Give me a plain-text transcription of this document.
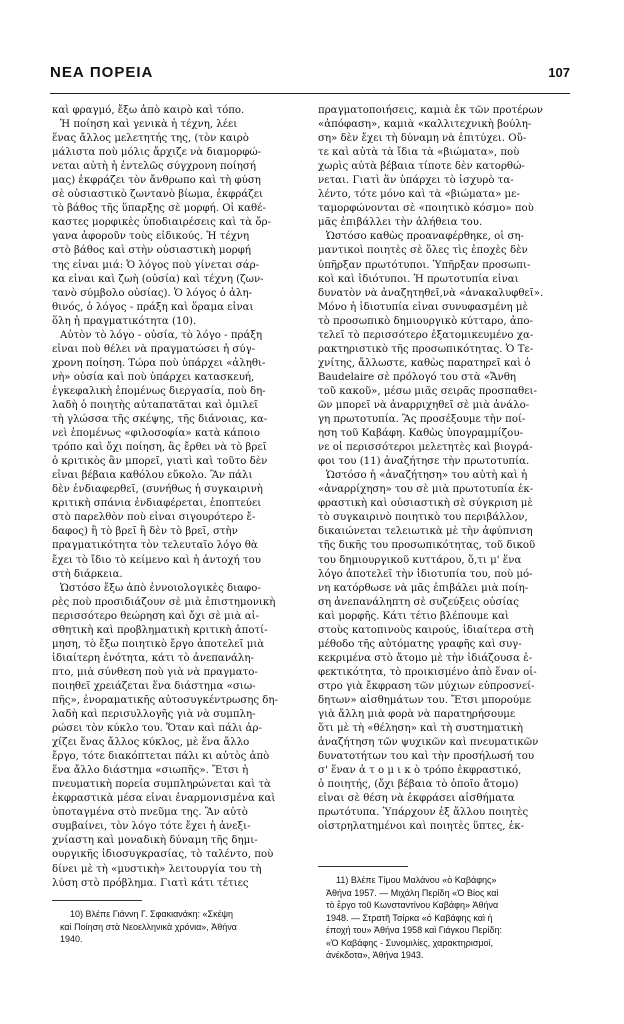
ΝΕΑ ΠΟΡΕΙΑ	107
καὶ φραγμό, ἔξω ἀπὸ καιρὸ καὶ τόπο.
Ἡ ποίηση καὶ γενικὰ ἡ τέχνη, λέει
ἕνας ἄλλος μελετητής της, (τὸν καιρὸ
μάλιστα ποὺ μόλις ἄρχιζε νὰ διαμορφώ-
νεται αὐτὴ ἡ ἐντελῶς σύγχρονη ποίησή
μας) ἐκφράζει τὸν ἄνθρωπο καὶ τὴ φύση
σὲ οὐσιαστικὸ ζωντανὸ βίωμα, ἐκφράζει
τὸ βάθος τῆς ὕπαρξης σὲ μορφή. Οἱ καθέ-
καστες μορφικὲς ὑποδιαιρέσεις καὶ τὰ ὄρ-
γανα ἀφοροῦν τοὺς εἰδικούς. Ἡ τέχνη
στὸ βάθος καὶ στὴν οὐσιαστικὴ μορφή
της εἶναι μιά: Ὁ λόγος ποὺ γίνεται σάρ-
κα εἶναι καὶ ζωὴ (οὐσία) καὶ τέχνη (ζων-
τανὸ σύμβολο οὐσίας). Ὁ λόγος ὁ ἀλη-
θινός, ὁ λόγος - πράξη καὶ ὅραμα εἶναι
ὅλη ἡ πραγματικότητα (10).
Αὐτὸν τὸ λόγο - οὐσία, τὸ λόγο - πράξη
εἶναι ποὺ θέλει νὰ πραγματώσει ἡ σύγ-
χρονη ποίηση. Τώρα ποὺ ὑπάρχει «ἀληθι-
νὴ» οὐσία καὶ ποὺ ὑπάρχει κατασκευή,
ἐγκεφαλικὴ ἑπομένως διεργασία, ποὺ δη-
λαδὴ ὁ ποιητὴς αὐταπατᾶται καὶ ὁμιλεῖ
τὴ γλώσσα τῆς σκέψης, τῆς διάνοιας, κα-
νεὶ ἑπομένως «φιλοσοφία» κατὰ κάποιο
τρόπο καὶ ὄχι ποίηση, ἂς ἔρθει νὰ τὸ βρεῖ
ὁ κριτικὸς ἂν μπορεῖ, γιατὶ καὶ τοῦτο δὲν
εἶναι βέβαια καθόλου εὔκολο. Ἂν πάλι
δὲν ἐνδιαφερθεῖ, (συνήθως ἡ συγκαιρινὴ
κριτικὴ σπάνια ἐνδιαφέρεται, ἐποπτεύει
στὸ παρελθὸν ποὺ εἶναι σιγουρότερο ἔ-
δαφος) ἢ τὸ βρεῖ ἢ δὲν τὸ βρεῖ, στὴν
πραγματικότητα τὸν τελευταῖο λόγο θὰ
ἔχει τὸ ἴδιο τὸ κείμενο καὶ ἡ ἀντοχή του
στὴ διάρκεια.
Ὡστόσο ἔξω ἀπὸ ἐννοιολογικὲς διαφο-
ρὲς ποὺ προσιδιάζουν σὲ μιὰ ἐπιστημονικὴ
περισσότερο θεώρηση καὶ ὄχι σὲ μιὰ αἰ-
σθητικὴ καὶ προβληματικὴ κριτικὴ ἀποτί-
μηση, τὸ ἔξω ποιητικὸ ἔργο ἀποτελεῖ μιὰ
ἰδιαίτερη ἑνότητα, κάτι τὸ ἀνεπανάλη-
πτο, μιὰ σύνθεση ποὺ γιὰ νὰ πραγματο-
ποιηθεῖ χρειάζεται ἕνα διάστημα «σιω-
πῆς», ἐνοραματικῆς αὐτοσυγκέντρωσης δη-
λαδὴ καὶ περισυλλογῆς γιὰ νὰ συμπλη-
ρώσει τὸν κύκλο του. Ὅταν καὶ πάλι ἀρ-
χίζει ἕνας ἄλλος κύκλος, μὲ ἕνα ἄλλο
ἔργο, τότε διακόπτεται πάλι κι αὐτὸς ἀπὸ
ἕνα ἄλλο διάστημα «σιωπῆς». Ἔτσι ἡ
πνευματικὴ πορεία συμπληρώνεται καὶ τὰ
ἐκφραστικὰ μέσα εἶναι ἐναρμονισμένα καὶ
ὑποταγμένα στὸ πνεῦμα της. Ἂν αὐτὸ
συμβαίνει, τὸν λόγο τότε ἔχει ἡ ἀνεξι-
χνίαστη καὶ μοναδικὴ δύναμη τῆς δημι-
ουργικῆς ἰδιοσυγκρασίας, τὸ ταλέντο, ποὺ
δίνει μὲ τὴ «μυστικὴ» λειτουργία του τὴ
λύση στὸ πρόβλημα. Γιατὶ κάτι τέτιες
πραγματοποιήσεις, καμιὰ ἐκ τῶν προτέρων
«ἀπόφαση», καμιὰ «καλλιτεχνικὴ βούλη-
ση» δὲν ἔχει τὴ δύναμη νὰ ἐπιτύχει. Οὔ-
τε καὶ αὐτὰ τὰ ἴδια τὰ «βιώματα», ποὺ
χωρὶς αὐτὰ βέβαια τίποτε δὲν κατορθώ-
νεται. Γιατὶ ἂν ὑπάρχει τὸ ἰσχυρὸ τα-
λέντο, τότε μόνο καὶ τὰ «βιώματα» με-
ταμορφώνονται σὲ «ποιητικὸ κόσμο» ποὺ
μᾶς ἐπιβάλλει τὴν ἀλήθεια του.
Ὡστόσο καθὼς προαναφέρθηκε, οἱ ση-
μαντικοὶ ποιητὲς σὲ ὅλες τὶς ἐποχὲς δὲν
ὑπῆρξαν πρωτότυποι. Ὑπῆρξαν προσωπι-
κοὶ καὶ ἰδιότυποι. Ἡ πρωτοτυπία εἶναι
δυνατὸν νὰ ἀναζητηθεῖ,νὰ «ἀνακαλυφθεῖ».
Μόνο ἡ ἰδιοτυπία εἶναι συνυφασμένη μὲ
τὸ προσωπικὸ δημιουργικὸ κύτταρο, ἀπο-
τελεῖ τὸ περισσότερο ἐξατομικευμένο χα-
ρακτηριστικὸ τῆς προσωπικότητας. Ὁ Τε-
χνίτης, ἄλλωστε, καθὼς παρατηρεῖ καὶ ὁ
Baudelaire σὲ πρόλογό του στὰ «Ἄνθη
τοῦ κακοῦ», μέσω μιᾶς σειρᾶς προσπαθει-
ῶν μπορεῖ νὰ ἀναρριχηθεῖ σὲ μιὰ ἀνάλο-
γη πρωτοτυπία. Ἂς προσέξουμε τὴν ποί-
ηση τοῦ Καβάφη. Καθὼς ὑπογραμμίζου-
νε οἱ περισσότεροι μελετητὲς καὶ βιογρά-
φοι του (11) ἀναζήτησε τὴν πρωτοτυπία.
Ὡστόσο ἡ «ἀναζήτηση» του αὐτὴ καὶ ἡ
«ἀναρρίχηση» του σὲ μιὰ πρωτοτυπία ἐκ-
φραστικὴ καὶ οὐσιαστικὴ σὲ σύγκριση μὲ
τὸ συγκαιρινὸ ποιητικὸ του περιβάλλον,
δικαιώνεται τελειωτικὰ μὲ τὴν ἀφύπνιση
τῆς δικῆς του προσωπικότητας, τοῦ δικοῦ
του δημιουργικοῦ κυττάρου, ὅ,τι μ' ἕνα
λόγο ἀποτελεῖ τὴν ἰδιοτυπία του, ποὺ μό-
νη κατόρθωσε νὰ μᾶς ἐπιβάλει μιὰ ποίη-
ση ἀνεπανάληπτη σὲ συζεύξεις οὐσίας
καὶ μορφῆς. Κάτι τέτιο βλέπουμε καὶ
στοὺς κατοπινοὺς καιρούς, ἰδιαίτερα στὴ
μέθοδο τῆς αὐτόματης γραφῆς καὶ συγ-
κεκριμένα στὸ ἄτομο μὲ τὴν ἰδιάζουσα ἐ-
φεκτικότητα, τὸ προικισμένο ἀπὸ ἕναν οἶ-
στρο γιὰ ἔκφραση τῶν μύχιων εὐπροσνεί-
δητων» αἰσθημάτων του. Ἔτσι μπορούμε
γιὰ ἄλλη μιὰ φορὰ νὰ παρατηρήσουμε
ὅτι μὲ τὴ «θέληση» καὶ τὴ συστηματικὴ
ἀναζήτηση τῶν ψυχικῶν καὶ πνευματικῶν
δυνατοτήτων του καὶ τὴν προσήλωσή του
σ' ἕναν ἀ τ ο μ ι κ ὸ τρόπο ἐκφραστικό,
ὁ ποιητής, (ὄχι βέβαια τὸ ὁποῖο ἄτομο)
εἶναι σὲ θέση νὰ ἐκφράσει αἰσθήματα
πρωτότυπα. Ὑπάρχουν ἐξ ἄλλου ποιητὲς
οἰστρηλατημένοι καὶ ποιητὲς ὕπτες, ἐκ-
10) Βλέπε Γιάννη Γ. Σφακιανάκη: «Σκέψη
καὶ Ποίηση στὰ Νεοελληνικὰ χρόνια», Ἀθήνα
1940.
11) Βλέπε Τίμου Μαλάνου «ὁ Καβάφης»
Ἀθήνα 1957. — Μιχάλη Περίδη «Ὁ Βίος καὶ
τὸ ἔργο τοῦ Κωνσταντίνου Καβάφη» Ἀθήνα
1948. — Στρατῆ Τσίρκα «ὁ Καβάφης καὶ ἡ
ἐποχή του» Ἀθήνα 1958 καὶ Γιάγκου Περίδη:
«Ὁ Καβάφης - Συνομιλίες, χαρακτηρισμοί,
ἀνέκδοτα», Ἀθήνα 1943.
